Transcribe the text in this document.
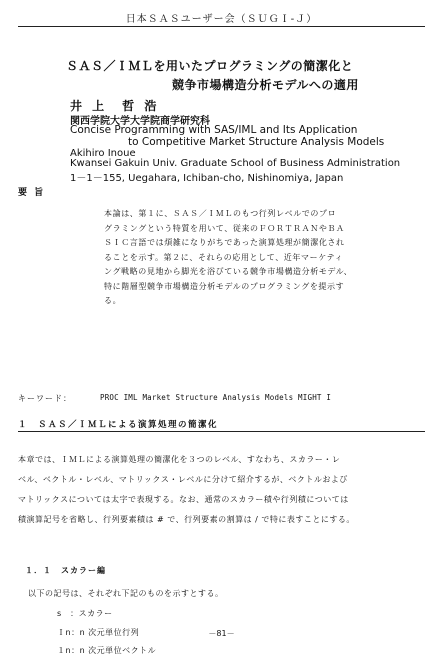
日本ＳＡＳユーザー会（ＳＵＧＩ-Ｊ）
ＳＡＳ／ＩＭＬを用いたプログラミングの簡潔化と
競争市場構造分析モデルへの適用
井 上　哲 浩
関西学院大学大学院商学研究科
Concise Programming with SAS/IML and Its Application
to Competitive Market Structure Analysis Models
Akihiro Inoue
Kwansei Gakuin Univ. Graduate School of Business Administration
1－1－155, Uegahara, Ichiban-cho, Nishinomiya, Japan
要 旨
本論は、第１に、ＳＡＳ／ＩＭＬのもつ行列レベルでのプロ
グラミングという特質を用いて、従来のＦＯＲＴＲＡＮやＢＡ
ＳＩＣ言語では煩雑になりがちであった演算処理が簡潔化され
ることを示す。第２に、それらの応用として、近年マーケティ
ング戦略の見地から脚光を浴びている競争市場構造分析モデル、
特に階層型競争市場構造分析モデルのプログラミングを提示す
る。
キーワード：	PROC IML Market Structure Analysis Models MIGHT I
１　ＳＡＳ／ＩＭＬによる演算処理の簡潔化
本章では、ＩＭＬによる演算処理の簡潔化を３つのレベル、すなわち、スカラー・レ
ベル、ベクトル・レベル、マトリックス・レベルに分けて紹介するが、ベクトルおよび
マトリックスについては太字で表現する。なお、通常のスカラー積や行列積については
積演算記号を省略し、行列要素積は # で、行列要素の割算は / で特に表すことにする。
１．１　スカラー編
以下の記号は、それぞれ下記のものを示すとする。
s　：スカラー
Ｉn：n 次元単位行列
１n：n 次元単位ベクトル
－81－
